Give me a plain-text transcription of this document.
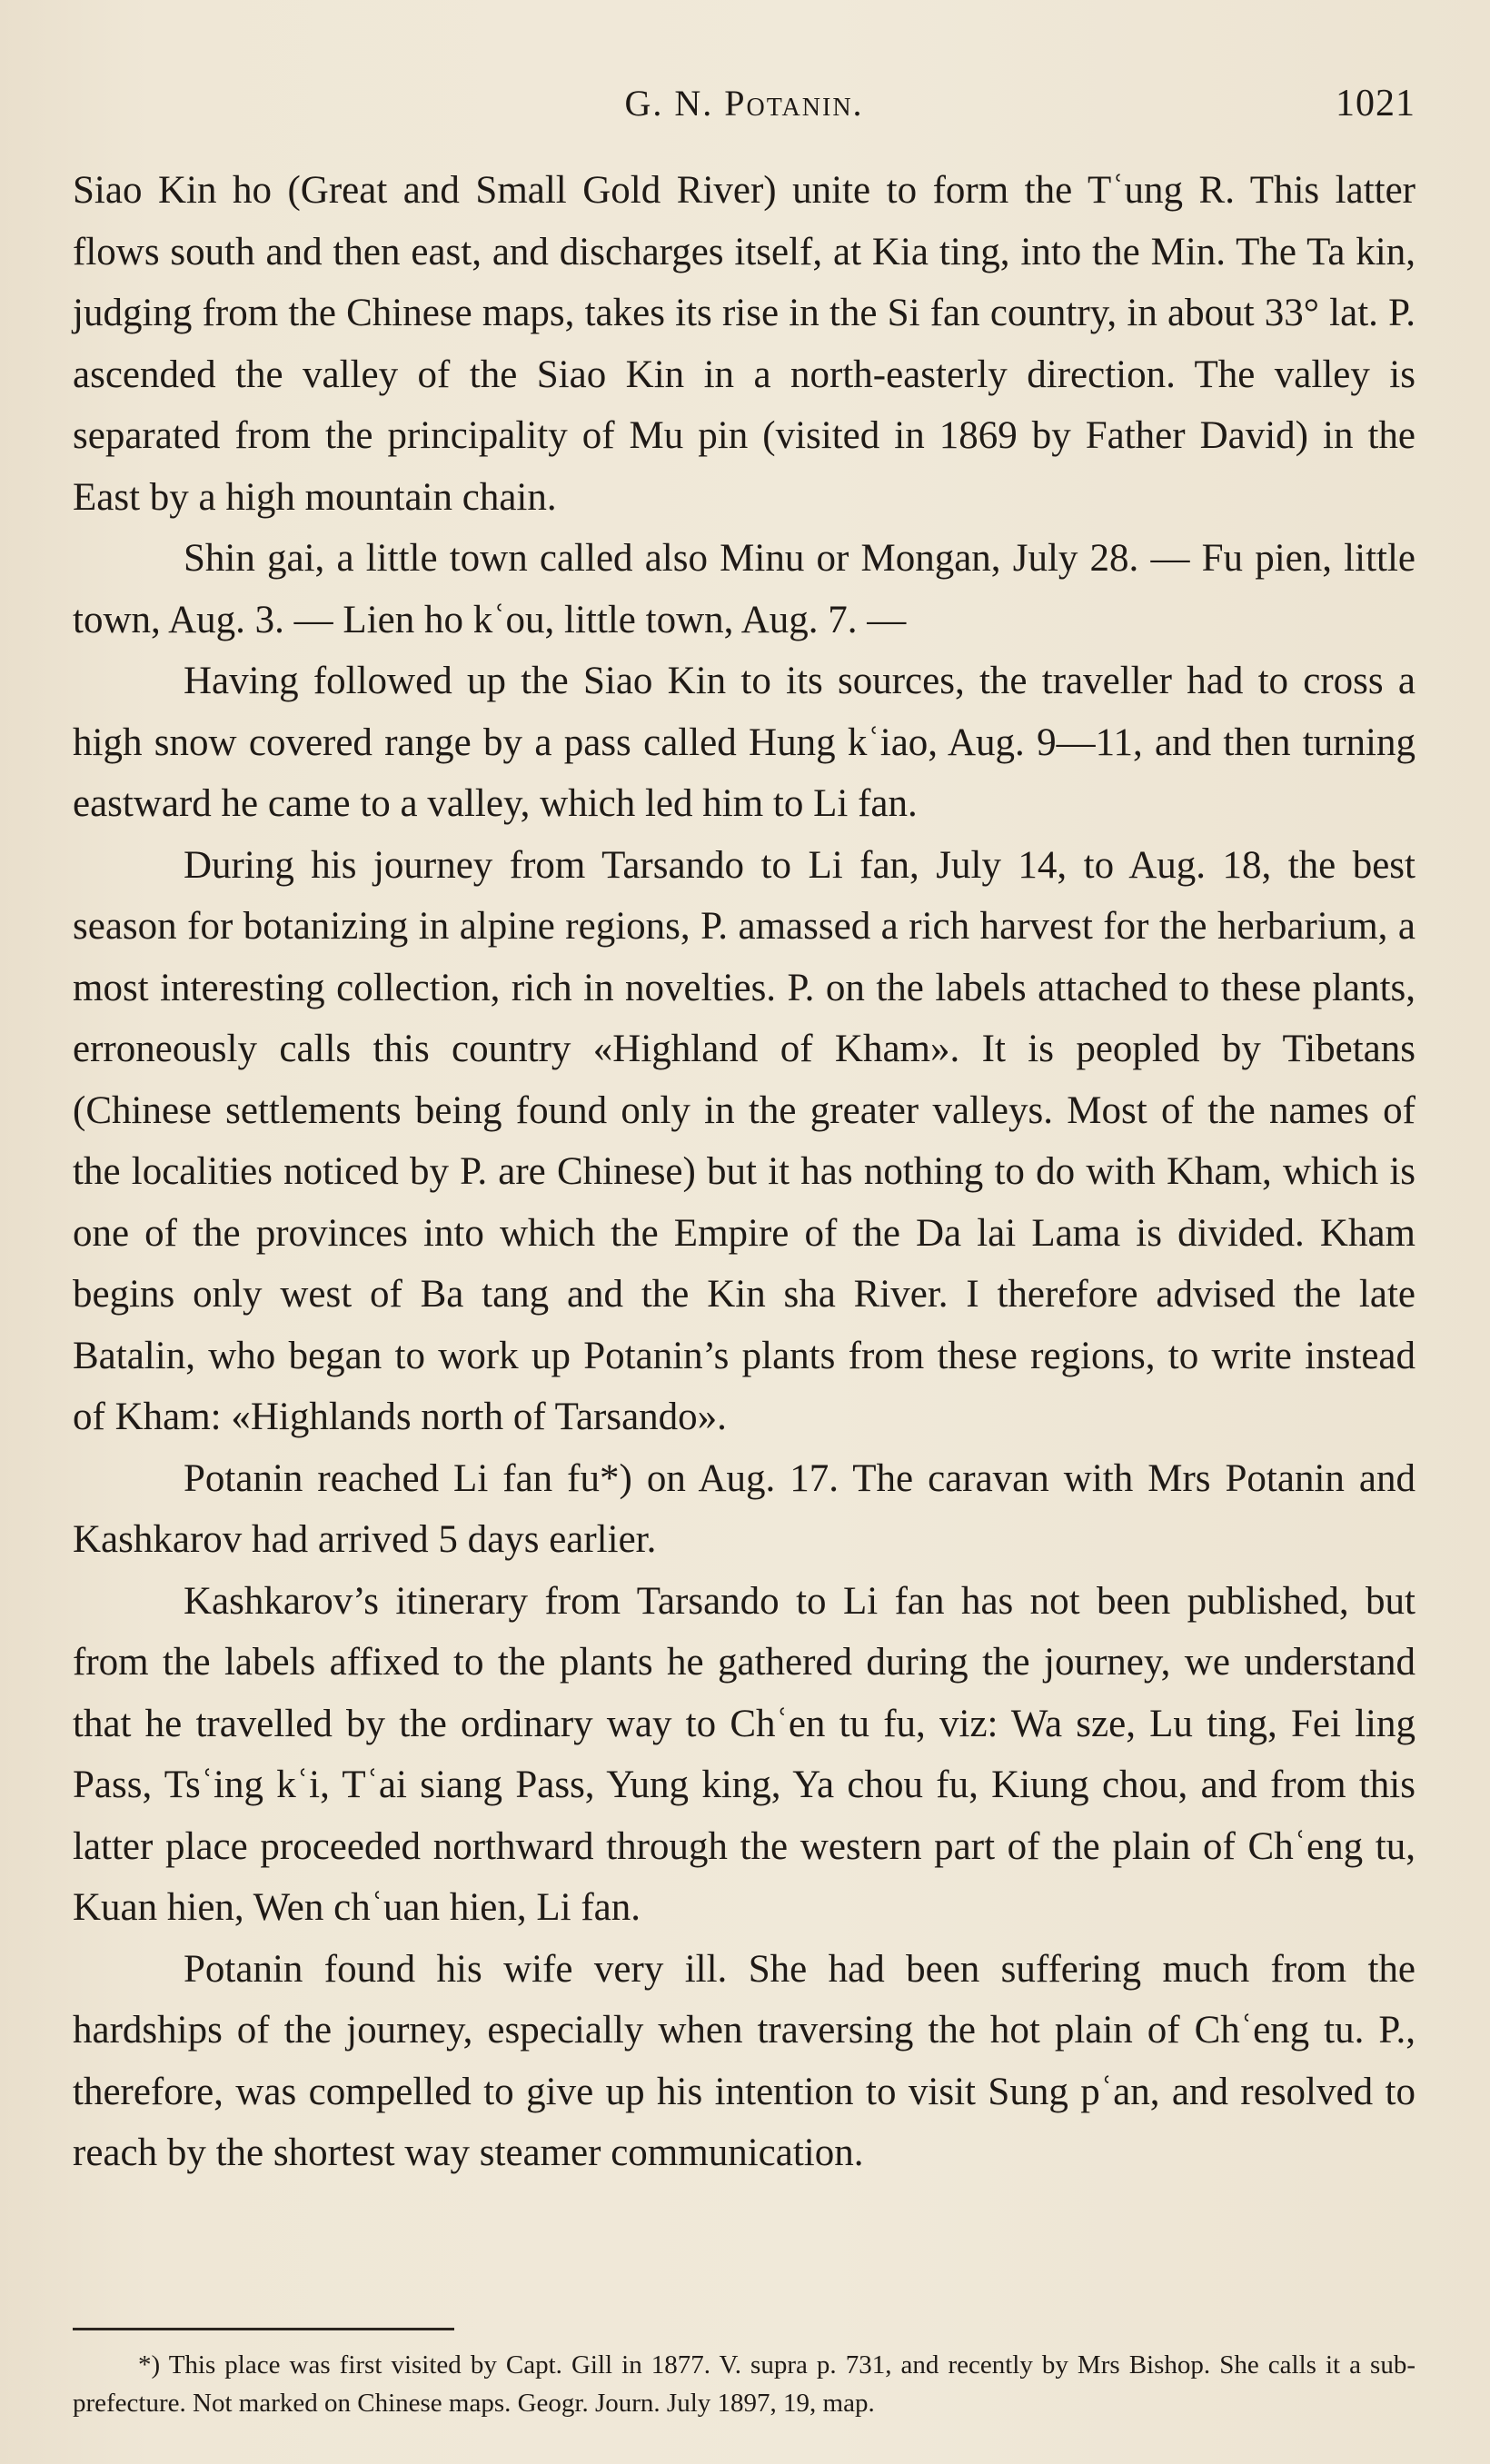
G. N. Potanin.	1021

Siao Kin ho (Great and Small Gold River) unite to form the Tʿung R. This latter flows south and then east, and discharges itself, at Kia ting, into the Min. The Ta kin, judging from the Chinese maps, takes its rise in the Si fan country, in about 33° lat. P. ascended the valley of the Siao Kin in a north-easterly direction. The valley is separated from the principality of Mu pin (visited in 1869 by Father David) in the East by a high mountain chain.

Shin gai, a little town called also Minu or Mongan, July 28. — Fu pien, little town, Aug. 3. — Lien ho kʿou, little town, Aug. 7. —

Having followed up the Siao Kin to its sources, the traveller had to cross a high snow covered range by a pass called Hung kʿiao, Aug. 9—11, and then turning eastward he came to a valley, which led him to Li fan.

During his journey from Tarsando to Li fan, July 14, to Aug. 18, the best season for botanizing in alpine regions, P. amassed a rich harvest for the herbarium, a most interesting collection, rich in novelties. P. on the labels attached to these plants, erroneously calls this country «Highland of Kham». It is peopled by Tibetans (Chinese settlements being found only in the greater valleys. Most of the names of the localities noticed by P. are Chinese) but it has nothing to do with Kham, which is one of the provinces into which the Empire of the Da lai Lama is divided. Kham begins only west of Ba tang and the Kin sha River. I therefore advised the late Batalin, who began to work up Potanin’s plants from these regions, to write instead of Kham: «Highlands north of Tarsando».

Potanin reached Li fan fu*) on Aug. 17. The caravan with Mrs Potanin and Kashkarov had arrived 5 days earlier.

Kashkarov’s itinerary from Tarsando to Li fan has not been published, but from the labels affixed to the plants he gathered during the journey, we understand that he travelled by the ordinary way to Chʿen tu fu, viz: Wa sze, Lu ting, Fei ling Pass, Tsʿing kʿi, Tʿai siang Pass, Yung king, Ya chou fu, Kiung chou, and from this latter place proceeded northward through the western part of the plain of Chʿeng tu, Kuan hien, Wen chʿuan hien, Li fan.

Potanin found his wife very ill. She had been suffering much from the hardships of the journey, especially when traversing the hot plain of Chʿeng tu. P., therefore, was compelled to give up his intention to visit Sung pʿan, and resolved to reach by the shortest way steamer communication.

*) This place was first visited by Capt. Gill in 1877. V. supra p. 731, and recently by Mrs Bishop. She calls it a sub-prefecture. Not marked on Chinese maps. Geogr. Journ. July 1897, 19, map.
